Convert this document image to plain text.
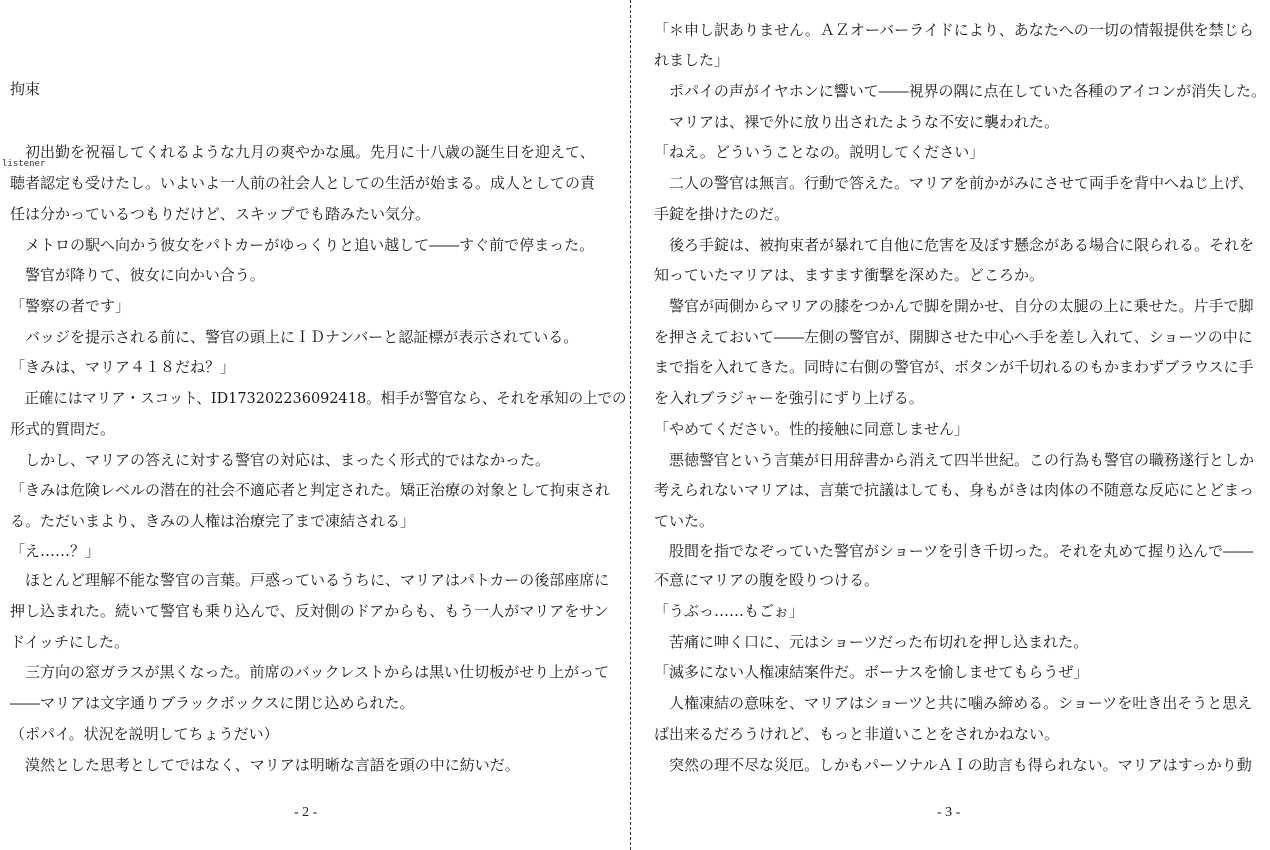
拘束
　初出勤を祝福してくれるような九月の爽やかな風。先月に十八歳の誕生日を迎えて、
listener
聴者認定も受けたし。いよいよ一人前の社会人としての生活が始まる。成人としての責
任は分かっているつもりだけど、スキップでも踏みたい気分。
　メトロの駅へ向かう彼女をパトカーがゆっくりと追い越して――すぐ前で停まった。
　警官が降りて、彼女に向かい合う。
「警察の者です」
　バッジを提示される前に、警官の頭上にＩＤナンバーと認証標が表示されている。
「きみは、マリア４１８だね？」
　正確にはマリア・スコット、ID173202236092418。相手が警官なら、それを承知の上での
形式的質問だ。
　しかし、マリアの答えに対する警官の対応は、まったく形式的ではなかった。
「きみは危険レベルの潜在的社会不適応者と判定された。矯正治療の対象として拘束され
る。ただいまより、きみの人権は治療完了まで凍結される」
「え……？」
　ほとんど理解不能な警官の言葉。戸惑っているうちに、マリアはパトカーの後部座席に
押し込まれた。続いて警官も乗り込んで、反対側のドアからも、もう一人がマリアをサン
ドイッチにした。
　三方向の窓ガラスが黒くなった。前席のバックレストからは黒い仕切板がせり上がって
――マリアは文字通りブラックボックスに閉じ込められた。
（ポパイ。状況を説明してちょうだい）
　漠然とした思考としてではなく、マリアは明晰な言語を頭の中に紡いだ。
- 2 -
「＊申し訳ありません。ＡＺオーバーライドにより、あなたへの一切の情報提供を禁じら
れました」
　ポパイの声がイヤホンに響いて――視界の隅に点在していた各種のアイコンが消失した。
　マリアは、裸で外に放り出されたような不安に襲われた。
「ねえ。どういうことなの。説明してください」
　二人の警官は無言。行動で答えた。マリアを前かがみにさせて両手を背中へねじ上げ、
手錠を掛けたのだ。
　後ろ手錠は、被拘束者が暴れて自他に危害を及ぼす懸念がある場合に限られる。それを
知っていたマリアは、ますます衝撃を深めた。どころか。
　警官が両側からマリアの膝をつかんで脚を開かせ、自分の太腿の上に乗せた。片手で脚
を押さえておいて――左側の警官が、開脚させた中心へ手を差し入れて、ショーツの中に
まで指を入れてきた。同時に右側の警官が、ボタンが千切れるのもかまわずブラウスに手
を入れブラジャーを強引にずり上げる。
「やめてください。性的接触に同意しません」
　悪徳警官という言葉が日用辞書から消えて四半世紀。この行為も警官の職務遂行としか
考えられないマリアは、言葉で抗議はしても、身もがきは肉体の不随意な反応にとどまっ
ていた。
　股間を指でなぞっていた警官がショーツを引き千切った。それを丸めて握り込んで――
不意にマリアの腹を殴りつける。
「うぶっ……もごぉ」
　苦痛に呻く口に、元はショーツだった布切れを押し込まれた。
「滅多にない人権凍結案件だ。ボーナスを愉しませてもらうぜ」
　人権凍結の意味を、マリアはショーツと共に噛み締める。ショーツを吐き出そうと思え
ば出来るだろうけれど、もっと非道いことをされかねない。
　突然の理不尽な災厄。しかもパーソナルＡＩの助言も得られない。マリアはすっかり動
- 3 -
